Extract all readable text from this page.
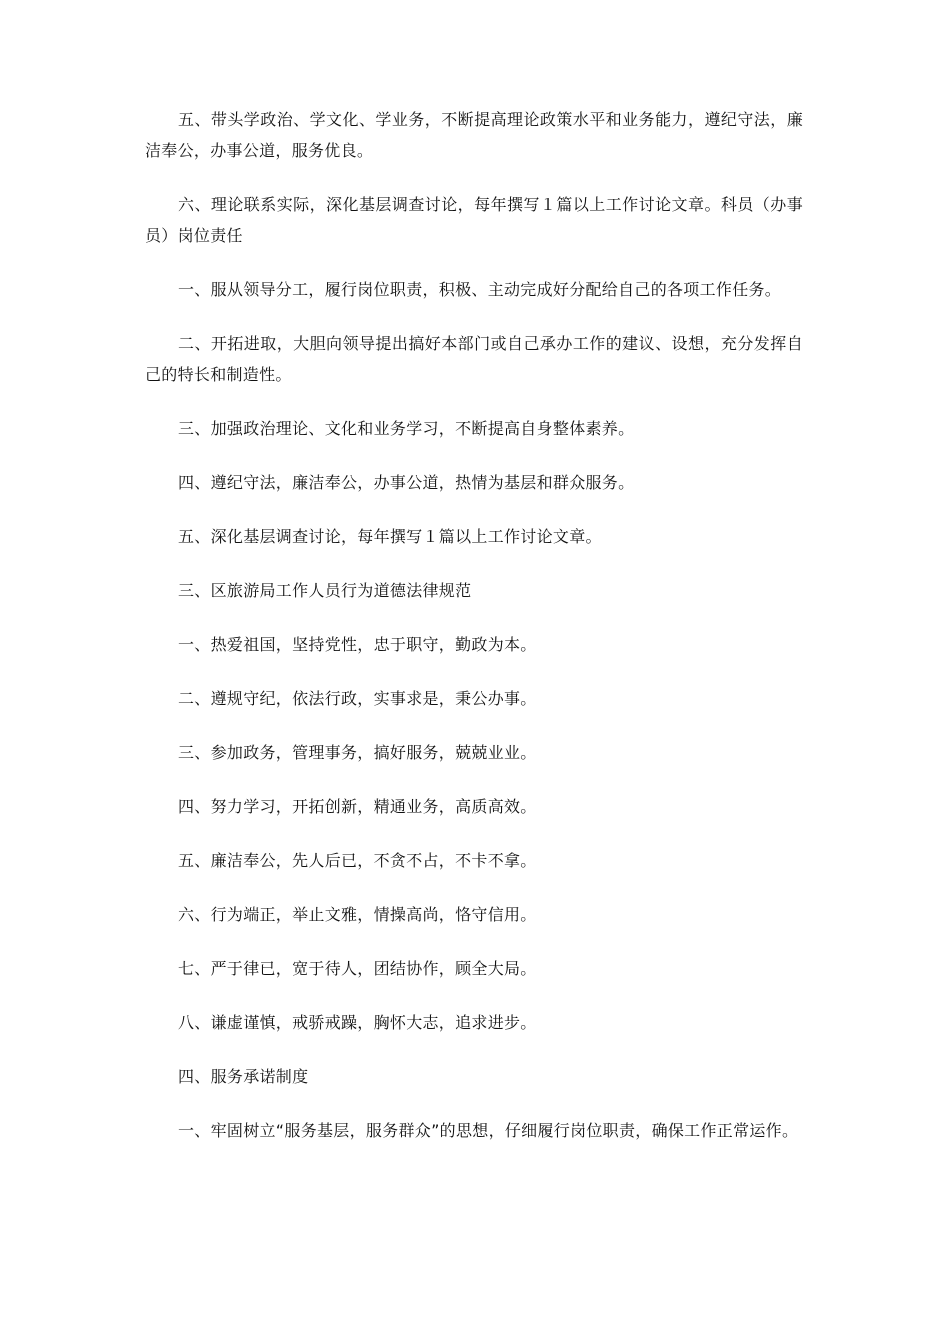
五、带头学政治、学文化、学业务，不断提高理论政策水平和业务能力，遵纪守法，廉洁奉公，办事公道，服务优良。

六、理论联系实际，深化基层调查讨论，每年撰写１篇以上工作讨论文章。科员（办事员）岗位责任

一、服从领导分工，履行岗位职责，积极、主动完成好分配给自己的各项工作任务。

二、开拓进取，大胆向领导提出搞好本部门或自己承办工作的建议、设想，充分发挥自己的特长和制造性。

三、加强政治理论、文化和业务学习，不断提高自身整体素养。

四、遵纪守法，廉洁奉公，办事公道，热情为基层和群众服务。

五、深化基层调查讨论，每年撰写１篇以上工作讨论文章。

三、区旅游局工作人员行为道德法律规范

一、热爱祖国，坚持党性，忠于职守，勤政为本。

二、遵规守纪，依法行政，实事求是，秉公办事。

三、参加政务，管理事务，搞好服务，兢兢业业。

四、努力学习，开拓创新，精通业务，高质高效。

五、廉洁奉公，先人后已，不贪不占，不卡不拿。

六、行为端正，举止文雅，情操高尚，恪守信用。

七、严于律已，宽于待人，团结协作，顾全大局。

八、谦虚谨慎，戒骄戒躁，胸怀大志，追求进步。

四、服务承诺制度

一、牢固树立“服务基层，服务群众”的思想，仔细履行岗位职责，确保工作正常运作。
